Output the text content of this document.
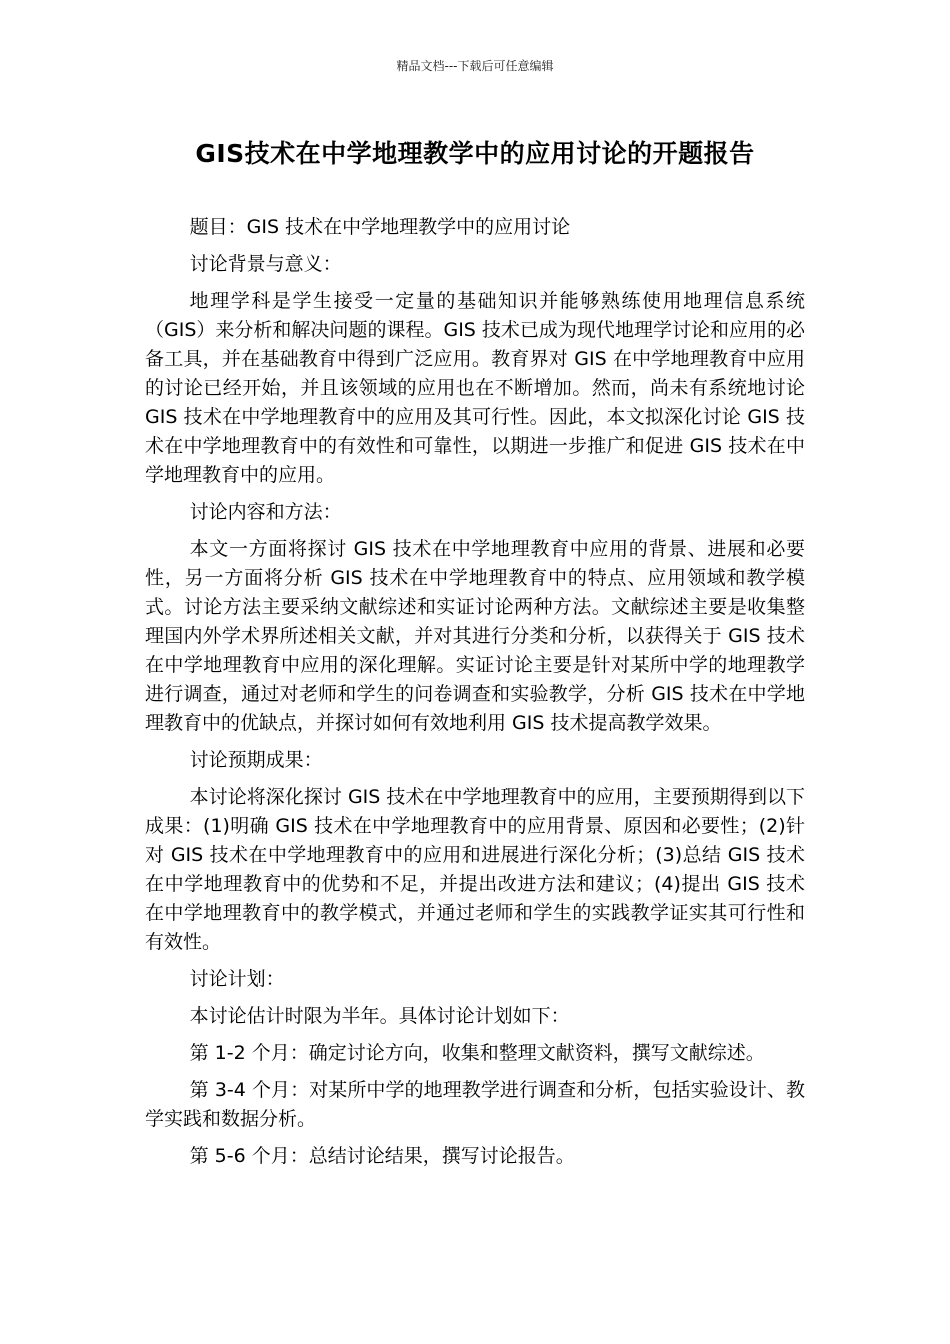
精品文档---下载后可任意编辑
GIS技术在中学地理教学中的应用讨论的开题报告

题目：GIS 技术在中学地理教学中的应用讨论

讨论背景与意义：

地理学科是学生接受一定量的基础知识并能够熟练使用地理信息系统（GIS）来分析和解决问题的课程。GIS 技术已成为现代地理学讨论和应用的必备工具，并在基础教育中得到广泛应用。教育界对 GIS 在中学地理教育中应用的讨论已经开始，并且该领域的应用也在不断增加。然而，尚未有系统地讨论 GIS 技术在中学地理教育中的应用及其可行性。因此，本文拟深化讨论 GIS 技术在中学地理教育中的有效性和可靠性，以期进一步推广和促进 GIS 技术在中学地理教育中的应用。

讨论内容和方法：

本文一方面将探讨 GIS 技术在中学地理教育中应用的背景、进展和必要性，另一方面将分析 GIS 技术在中学地理教育中的特点、应用领域和教学模式。讨论方法主要采纳文献综述和实证讨论两种方法。文献综述主要是收集整理国内外学术界所述相关文献，并对其进行分类和分析，以获得关于 GIS 技术在中学地理教育中应用的深化理解。实证讨论主要是针对某所中学的地理教学进行调查，通过对老师和学生的问卷调查和实验教学，分析 GIS 技术在中学地理教育中的优缺点，并探讨如何有效地利用 GIS 技术提高教学效果。

讨论预期成果：

本讨论将深化探讨 GIS 技术在中学地理教育中的应用，主要预期得到以下成果：(1)明确 GIS 技术在中学地理教育中的应用背景、原因和必要性；(2)针对 GIS 技术在中学地理教育中的应用和进展进行深化分析；(3)总结 GIS 技术在中学地理教育中的优势和不足，并提出改进方法和建议；(4)提出 GIS 技术在中学地理教育中的教学模式，并通过老师和学生的实践教学证实其可行性和有效性。

讨论计划：

本讨论估计时限为半年。具体讨论计划如下：

第 1-2 个月：确定讨论方向，收集和整理文献资料，撰写文献综述。

第 3-4 个月：对某所中学的地理教学进行调查和分析，包括实验设计、教学实践和数据分析。

第 5-6 个月：总结讨论结果，撰写讨论报告。
